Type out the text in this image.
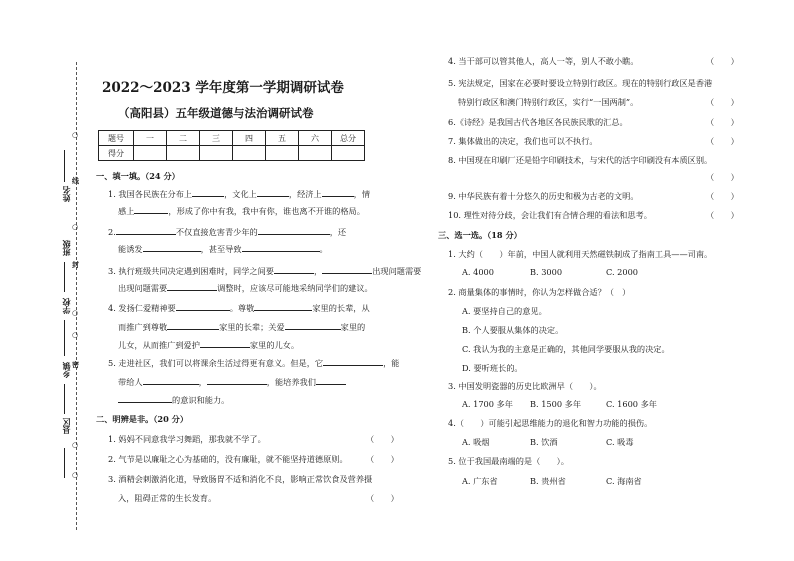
县区
乡镇
学校
班级
姓名
○
○
○
○
○
○
线
封
密
2022～2023 学年度第一学期调研试卷
（高阳县）五年级道德与法治调研试卷
题号	一	二	三	四	五	六	总分
得分							
一、填一填。（24 分）
1. 我国各民族在分布上	，文化上	，经济上	，情
感上	，形成了你中有我，我中有你，谁也离不开谁的格局。
2.	不仅直接危害青少年的	，还
能诱发	，甚至导致	。
3. 执行班级共同决定遇到困难时，同学之间要	，	出现问题需要
出现问题需要	调整时，应该尽可能地采纳同学们的建议。
4. 发扬仁爱精神要	。尊敬	家里的长辈，从
而推广到尊敬	家里的长辈；关爱	家里的
儿女，从而推广到爱护	家里的儿女。
5. 走进社区，我们可以将课余生活过得更有意义。但是，它	，能
带给人	，	，能培养我们
的意识和能力。
二、明辨是非。（20 分）
1. 妈妈不同意我学习舞蹈，那我就不学了。	（　　）
2. 气节是以廉耻之心为基础的，没有廉耻，就不能坚持道德原则。 （　　）
3. 酒精会刺激消化道，导致肠胃不适和消化不良，影响正常饮食及营养摄
入，阻碍正常的生长发育。	（　　）
4. 当干部可以管其他人，高人一等，别人不敢小瞧。	（　　）
5. 宪法规定，国家在必要时要设立特别行政区。现在的特别行政区是香港
特别行政区和澳门特别行政区，实行“一国两制”。	（　　）
6.《诗经》是我国古代各地区各民族民歌的汇总。	（　　）
7. 集体做出的决定，我们也可以不执行。	（　　）
8. 中国现在印刷厂还是铅字印刷技术，与宋代的活字印刷没有本质区别。
（　　）
9. 中华民族有着十分悠久的历史和极为古老的文明。	（　　）
10. 理性对待分歧，会让我们有合情合理的看法和思考。	（　　）
三、选一选。（18 分）
1. 大约（　　）年前，中国人就利用天然磁铁制成了指南工具——司南。
A. 4000	B. 3000	C. 2000
2. 商量集体的事情时，你认为怎样做合适？（　）
A. 要坚持自己的意见。
B. 个人要服从集体的决定。
C. 我认为我的主意是正确的，其他同学要服从我的决定。
D. 要听班长的。
3. 中国发明瓷器的历史比欧洲早（　　）。
A. 1700 多年 B. 1500 多年	C. 1600 多年
4.（　　）可能引起思维能力的退化和智力功能的损伤。
A. 吸烟	B. 饮酒	C. 吸毒
5. 位于我国最南端的是（　　）。
A. 广东省	B. 贵州省	C. 海南省
